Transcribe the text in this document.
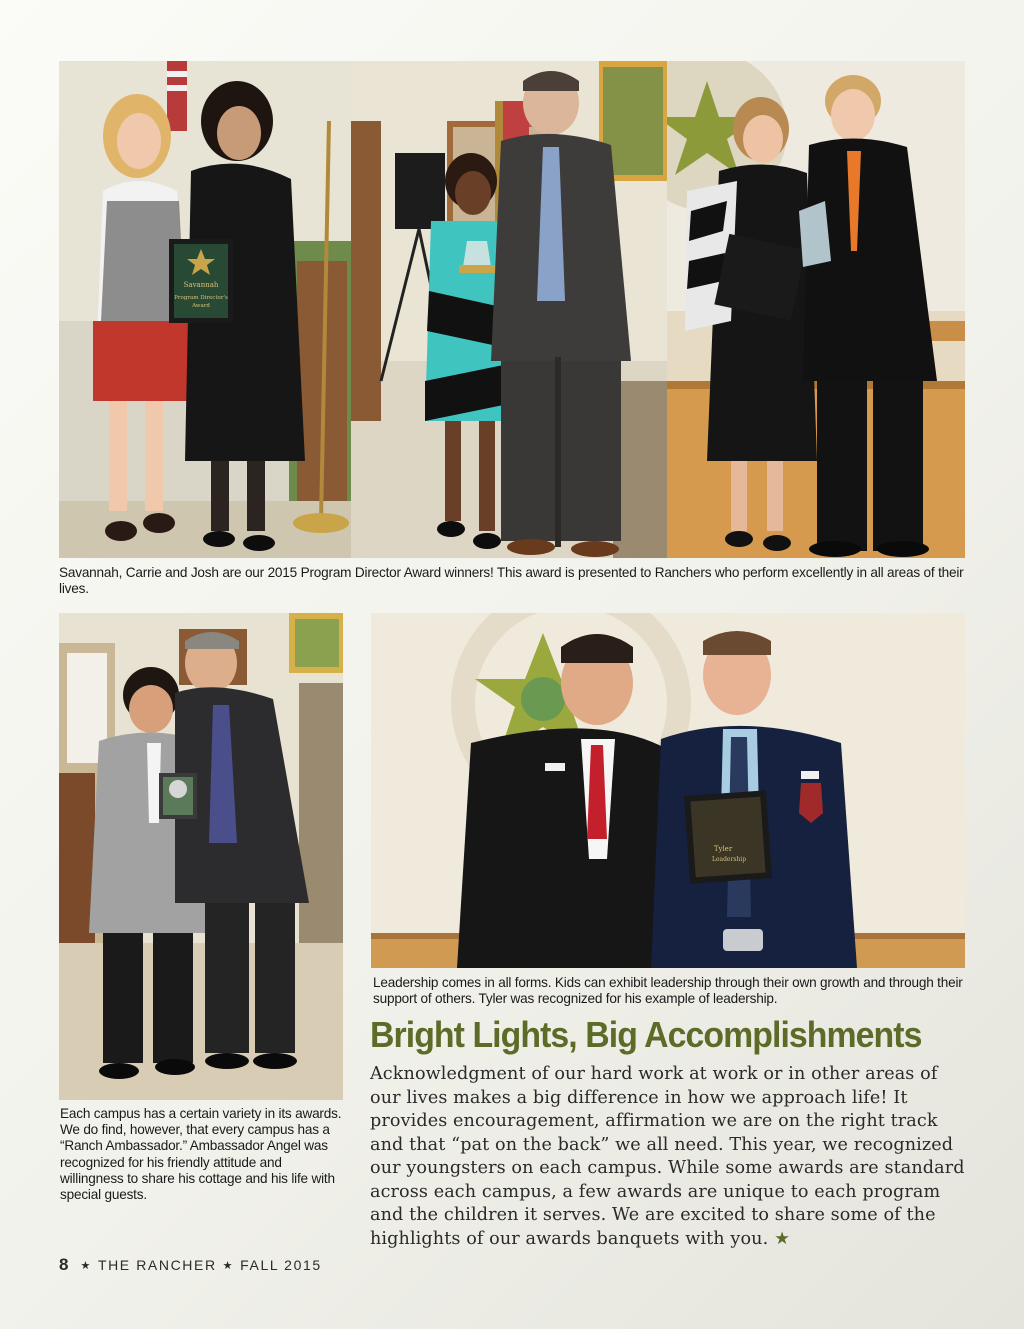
Savannah
Program Director's
Award
Tyler
Leadership
Savannah, Carrie and Josh are our 2015 Program Director Award winners! This award is presented to Ranchers who perform excellently in all areas of their lives.
Leadership comes in all forms. Kids can exhibit leadership through their own growth and through their support of others. Tyler was recognized for his example of leadership.
Each campus has a certain variety in its awards. We do find, however, that every campus has a “Ranch Ambassador.” Ambassador Angel was recognized for his friendly attitude and willingness to share his cottage and his life with special guests.
Bright Lights, Big Accomplishments

Acknowledgment of our hard work at work or in other areas of our lives makes a big difference in how we approach life! It provides encouragement, affirmation we are on the right track and that “pat on the back” we all need. This year, we recognized our youngsters on each campus. While some awards are standard across each campus, a few awards are unique to each program and the children it serves. We are excited to share some of the highlights of our awards banquets with you. ★

8 ★ THE RANCHER ★ FALL 2015
